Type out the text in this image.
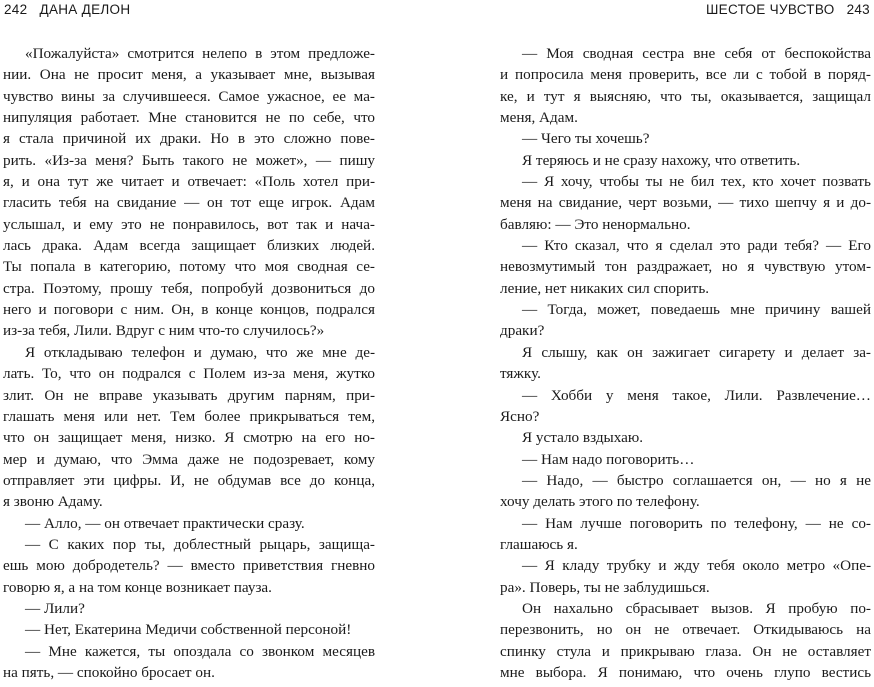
242 ДАНА ДЕЛОН
«Пожалуйста» смотрится нелепо в этом предложе-
нии. Она не просит меня, а указывает мне, вызывая
чувство вины за случившееся. Самое ужасное, ее ма-
нипуляция работает. Мне становится не по себе, что
я стала причиной их драки. Но в это сложно пове-
рить. «Из-за меня? Быть такого не может», — пишу
я, и она тут же читает и отвечает: «Поль хотел при-
гласить тебя на свидание — он тот еще игрок. Адам
услышал, и ему это не понравилось, вот так и нача-
лась драка. Адам всегда защищает близких людей.
Ты попала в категорию, потому что моя сводная се-
стра. Поэтому, прошу тебя, попробуй дозвониться до
него и поговори с ним. Он, в конце концов, подрался
из-за тебя, Лили. Вдруг с ним что-то случилось?»
Я откладываю телефон и думаю, что же мне де-
лать. То, что он подрался с Полем из-за меня, жутко
злит. Он не вправе указывать другим парням, при-
глашать меня или нет. Тем более прикрываться тем,
что он защищает меня, низко. Я смотрю на его но-
мер и думаю, что Эмма даже не подозревает, кому
отправляет эти цифры. И, не обдумав все до конца,
я звоню Адаму.
— Алло, — он отвечает практически сразу.
— С каких пор ты, доблестный рыцарь, защища-
ешь мою добродетель? — вместо приветствия гневно
говорю я, а на том конце возникает пауза.
— Лили?
— Нет, Екатерина Медичи собственной персоной!
— Мне кажется, ты опоздала со звонком месяцев
на пять, — спокойно бросает он.
ШЕСТОЕ ЧУВСТВО 243
— Моя сводная сестра вне себя от беспокойства
и попросила меня проверить, все ли с тобой в поряд-
ке, и тут я выясняю, что ты, оказывается, защищал
меня, Адам.
— Чего ты хочешь?
Я теряюсь и не сразу нахожу, что ответить.
— Я хочу, чтобы ты не бил тех, кто хочет позвать
меня на свидание, черт возьми, — тихо шепчу я и до-
бавляю: — Это ненормально.
— Кто сказал, что я сделал это ради тебя? — Его
невозмутимый тон раздражает, но я чувствую утом-
ление, нет никаких сил спорить.
— Тогда, может, поведаешь мне причину вашей
драки?
Я слышу, как он зажигает сигарету и делает за-
тяжку.
— Хобби у меня такое, Лили. Развлечение…
Ясно?
Я устало вздыхаю.
— Нам надо поговорить…
— Надо, — быстро соглашается он, — но я не
хочу делать этого по телефону.
— Нам лучше поговорить по телефону, — не со-
глашаюсь я.
— Я кладу трубку и жду тебя около метро «Опе-
ра». Поверь, ты не заблудишься.
Он нахально сбрасывает вызов. Я пробую по-
перезвонить, но он не отвечает. Откидываюсь на
спинку стула и прикрываю глаза. Он не оставляет
мне выбора. Я понимаю, что очень глупо вестись
